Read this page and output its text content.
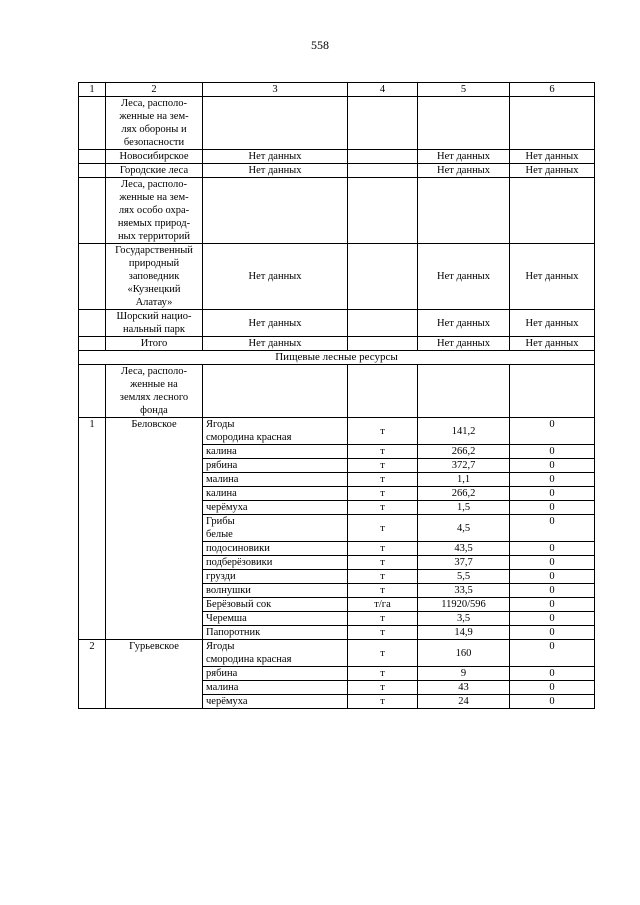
558
1	2	3	4	5	6
	Леса, располо-
женные на зем-
лях обороны и
безопасности				
	Новосибирское	Нет данных		Нет данных	Нет данных
	Городские леса	Нет данных		Нет данных	Нет данных
	Леса, располо-
женные на зем-
лях особо охра-
няемых природ-
ных территорий				
	Государственный
природный
заповедник
«Кузнецкий
Алатау»	Нет данных		Нет данных	Нет данных
	Шорский нацио-
нальный парк	Нет данных		Нет данных	Нет данных
	Итого	Нет данных		Нет данных	Нет данных
Пищевые лесные ресурсы					
	Леса, располо-
женные на
землях лесного
фонда				
1	Беловское	Ягоды
смородина красная	т	141,2	0
		калина	т	266,2	0
		рябина	т	372,7	0
		малина	т	1,1	0
		калина	т	266,2	0
		черёмуха	т	1,5	0
		Грибы
белые	т	4,5	0
		подосиновики	т	43,5	0
		подберёзовики	т	37,7	0
		грузди	т	5,5	0
		волнушки	т	33,5	0
		Берёзовый сок	т/га	11920/596	0
		Черемша	т	3,5	0
		Папоротник	т	14,9	0
2	Гурьевское	Ягоды
смородина красная	т	160	0
		рябина	т	9	0
		малина	т	43	0
		черёмуха	т	24	0
